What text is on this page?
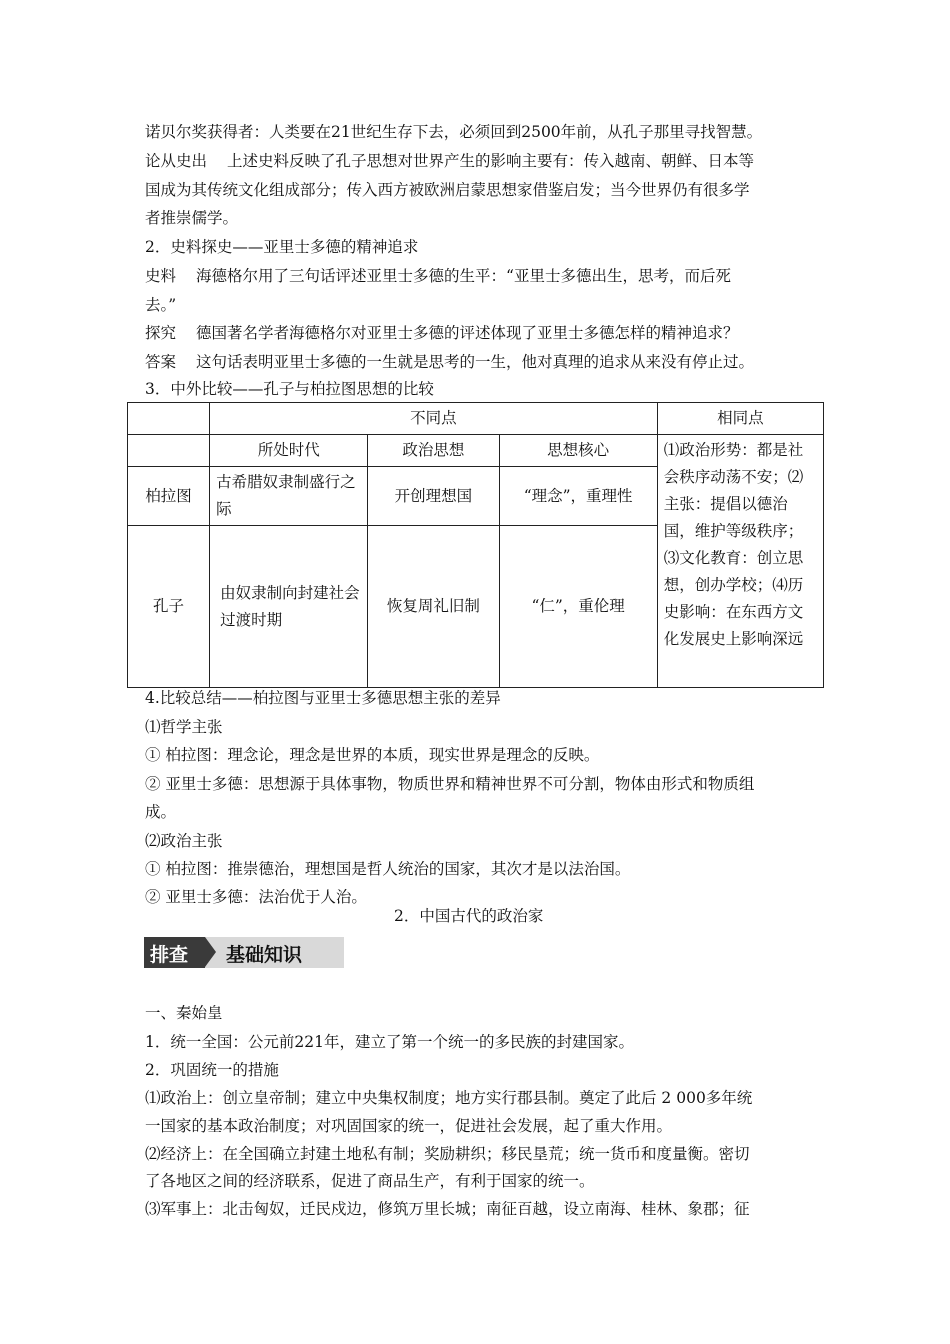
诺贝尔奖获得者：人类要在21世纪生存下去，必须回到2500年前，从孔子那里寻找智慧。
论从史出 上述史料反映了孔子思想对世界产生的影响主要有：传入越南、朝鲜、日本等
国成为其传统文化组成部分；传入西方被欧洲启蒙思想家借鉴启发；当今世界仍有很多学
者推崇儒学。
2．史料探史——亚里士多德的精神追求
史料 海德格尔用了三句话评述亚里士多德的生平：“亚里士多德出生，思考，而后死
去。”
探究 德国著名学者海德格尔对亚里士多德的评述体现了亚里士多德怎样的精神追求？
答案 这句话表明亚里士多德的一生就是思考的一生，他对真理的追求从来没有停止过。
3．中外比较——孔子与柏拉图思想的比较
	不同点			相同点
	所处时代	政治思想	思想核心	⑴政治形势：都是社会秩序动荡不安；⑵主张：提倡以德治国，维护等级秩序；⑶文化教育：创立思想，创办学校；⑷历史影响：在东西方文化发展史上影响深远
柏拉图	古希腊奴隶制盛行之际	开创理想国	“理念”，重理性	
孔子	由奴隶制向封建社会过渡时期	恢复周礼旧制	“仁”，重伦理	
4.比较总结——柏拉图与亚里士多德思想主张的差异
⑴哲学主张
① 柏拉图：理念论，理念是世界的本质，现实世界是理念的反映。
② 亚里士多德：思想源于具体事物，物质世界和精神世界不可分割，物体由形式和物质组
成。
⑵政治主张
① 柏拉图：推崇德治，理想国是哲人统治的国家，其次才是以法治国。
② 亚里士多德：法治优于人治。
2．中国古代的政治家
排查 基础知识
一、秦始皇
1．统一全国：公元前221年，建立了第一个统一的多民族的封建国家。
2．巩固统一的措施
⑴政治上：创立皇帝制；建立中央集权制度；地方实行郡县制。奠定了此后 2 000多年统
一国家的基本政治制度；对巩固国家的统一，促进社会发展，起了重大作用。
⑵经济上：在全国确立封建土地私有制；奖励耕织；移民垦荒；统一货币和度量衡。密切
了各地区之间的经济联系，促进了商品生产，有利于国家的统一。
⑶军事上：北击匈奴，迁民戍边，修筑万里长城；南征百越，设立南海、桂林、象郡；征
